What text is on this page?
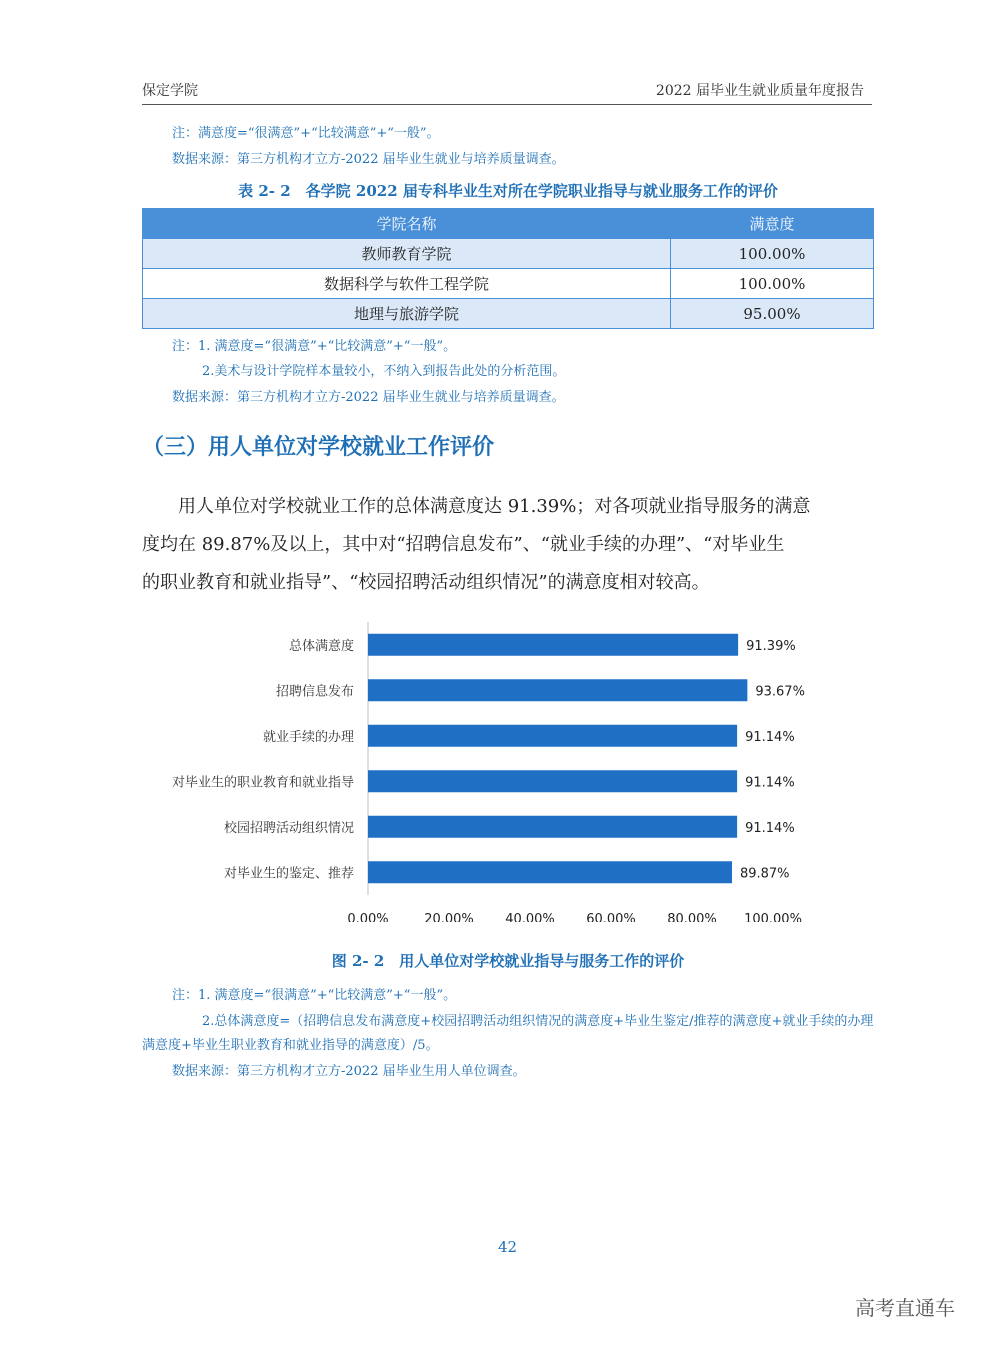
保定学院	2022 届毕业生就业质量年度报告
注：满意度=“很满意”+“比较满意”+“一般”。
数据来源：第三方机构才立方-2022 届毕业生就业与培养质量调查。
表 2- 2　各学院 2022 届专科毕业生对所在学院职业指导与就业服务工作的评价
学院名称	满意度
教师教育学院	100.00%
数据科学与软件工程学院	100.00%
地理与旅游学院	95.00%
注：1. 满意度=“很满意”+“比较满意”+“一般”。
2.美术与设计学院样本量较小，不纳入到报告此处的分析范围。
数据来源：第三方机构才立方-2022 届毕业生就业与培养质量调查。
（三）用人单位对学校就业工作评价
　　用人单位对学校就业工作的总体满意度达 91.39%；对各项就业指导服务的满意
度均在 89.87%及以上，其中对“招聘信息发布”、“就业手续的办理”、“对毕业生
的职业教育和就业指导”、“校园招聘活动组织情况”的满意度相对较高。
总体满意度	91.39%
招聘信息发布	93.67%
就业手续的办理	91.14%
对毕业生的职业教育和就业指导	91.14%
校园招聘活动组织情况	91.14%
对毕业生的鉴定、推荐	89.87%
0.00%	20.00% 40.00% 60.00% 80.00% 100.00%
图 2- 2　用人单位对学校就业指导与服务工作的评价
注：1. 满意度=“很满意”+“比较满意”+“一般”。
2.总体满意度=（招聘信息发布满意度+校园招聘活动组织情况的满意度+毕业生鉴定/推荐的满意度+就业手续的办理满意度+毕业生职业教育和就业指导的满意度）/5。
数据来源：第三方机构才立方-2022 届毕业生用人单位调查。
42
高考直通车
